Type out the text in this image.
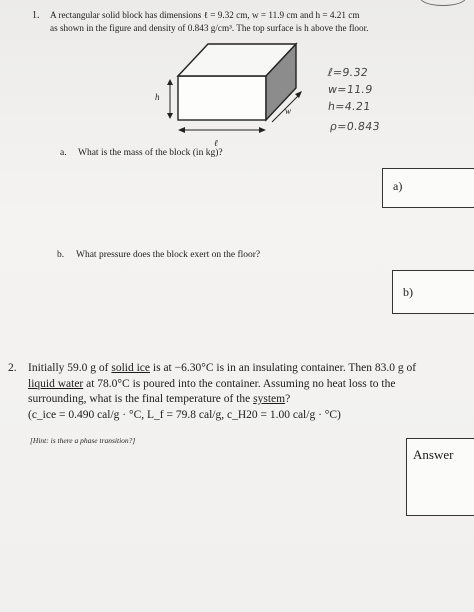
1. A rectangular solid block has dimensions ℓ = 9.32 cm, w = 11.9 cm and h = 4.21 cm
as shown in the figure and density of 0.843 g/cm³. The top surface is h above the floor.
h
w
ℓ
ℓ=9.32
w=11.9
h=4.21
ρ=0.843
a. What is the mass of the block (in kg)?
a)
b. What pressure does the block exert on the floor?
b)
2. Initially 59.0 g of solid ice is at −6.30°C is in an insulating container. Then 83.0 g of
liquid water at 78.0°C is poured into the container. Assuming no heat loss to the
surrounding, what is the final temperature of the system?
(c_ice = 0.490 cal/g · °C, L_f = 79.8 cal/g, c_H20 = 1.00 cal/g · °C)
[Hint: is there a phase transition?]
Answer
